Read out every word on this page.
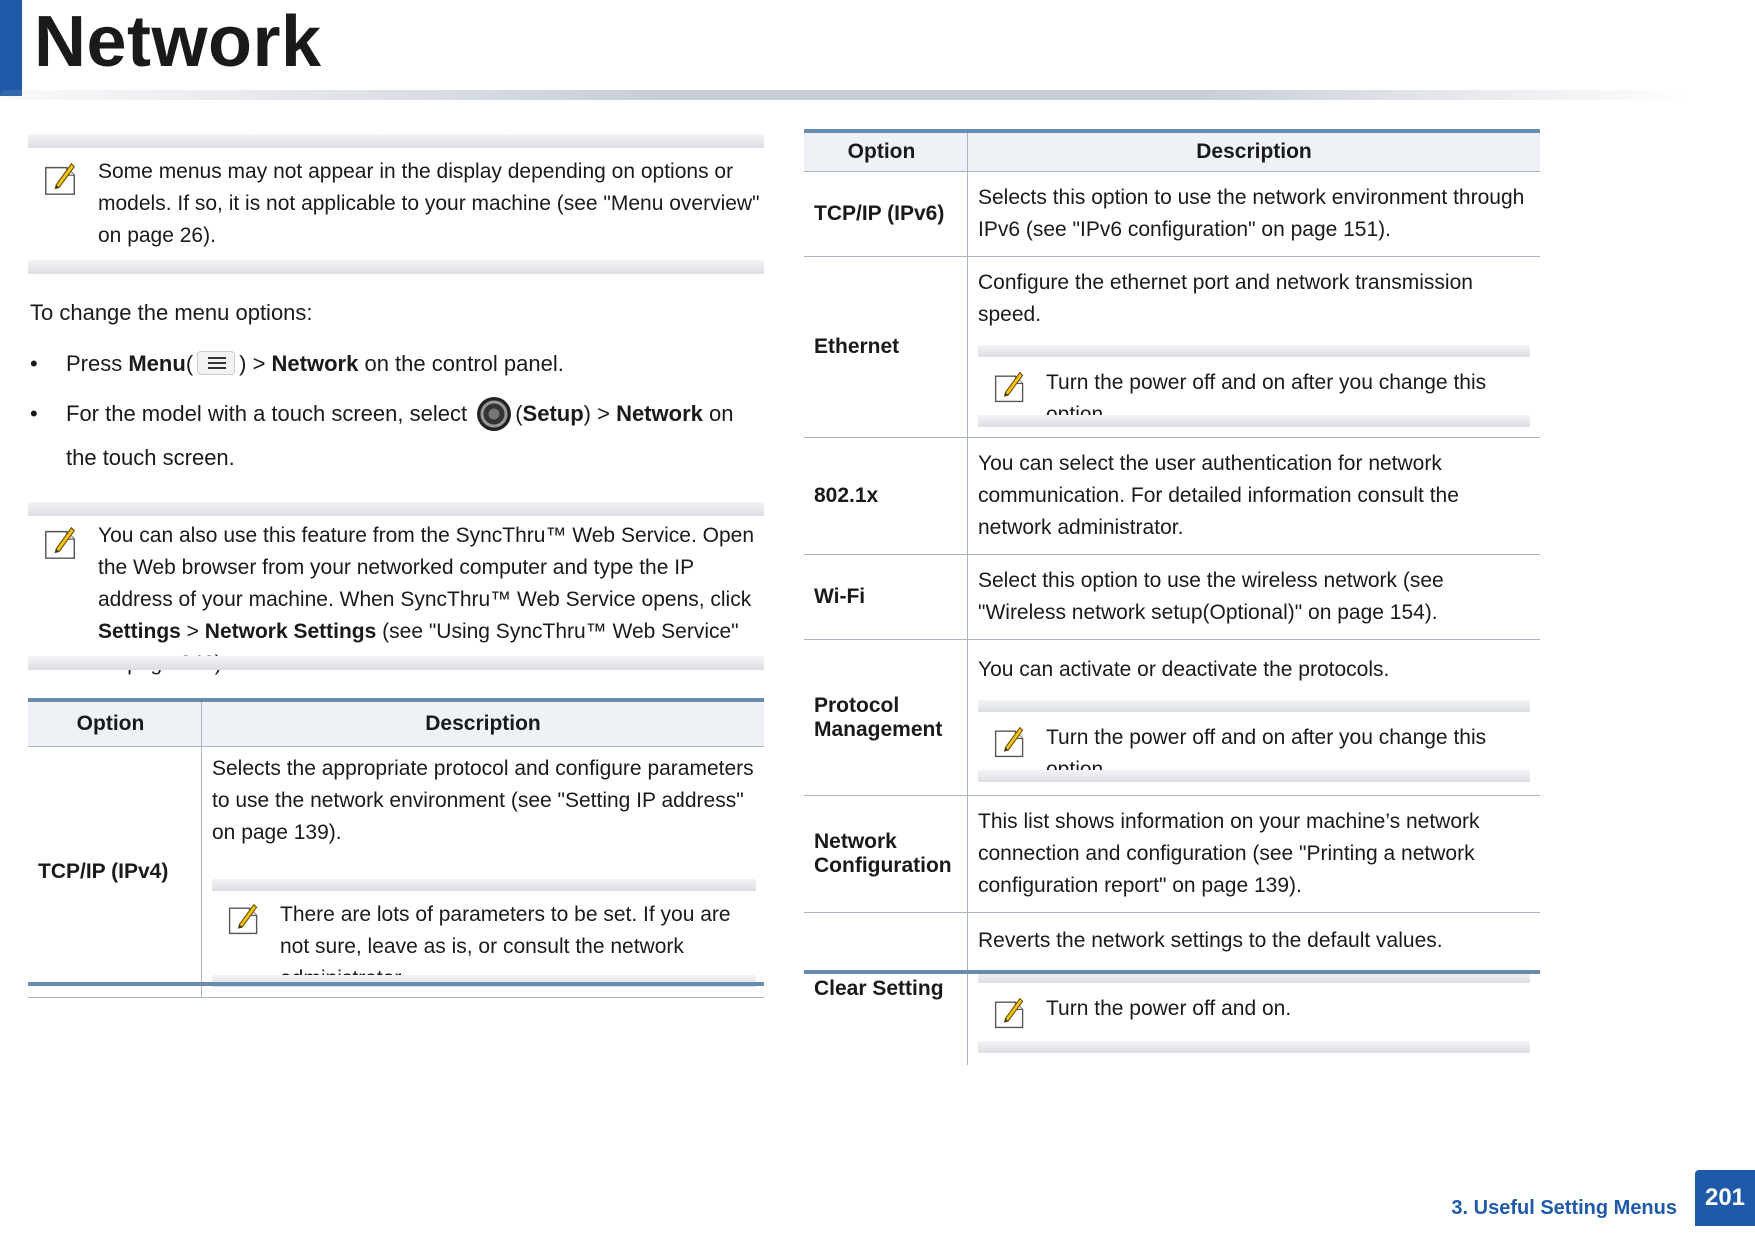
Network
Some menus may not appear in the display depending on options or models. If so, it is not applicable to your machine (see "Menu overview" on page 26).
To change the menu options:
• Press Menu( ) > Network on the control panel.
• For the model with a touch screen, select (Setup) > Network on the touch screen.
You can also use this feature from the SyncThru™ Web Service. Open the Web browser from your networked computer and type the IP address of your machine. When SyncThru™ Web Service opens, click Settings > Network Settings (see "Using SyncThru™ Web Service"
Option	Description
TCP/IP (IPv4)	Selects the appropriate protocol and configure parameters to use the network environment (see "Setting IP address" on page 139).
There are lots of parameters to be set. If you are not sure, leave as is, or consult the network
Option	Description
TCP/IP (IPv6)	Selects this option to use the network environment through IPv6 (see "IPv6 configuration" on page 151).
Ethernet	Configure the ethernet port and network transmission speed.
Turn the power off and on after you change this

802.1x	You can select the user authentication for network communication. For detailed information consult the network administrator.
Wi-Fi	Select this option to use the wireless network (see "Wireless network setup(Optional)" on page 154).
Protocol Management	You can activate or deactivate the protocols.
Turn the power off and on after you change this

Network Configuration	This list shows information on your machine’s network connection and configuration (see "Printing a network configuration report" on page 139).
Clear Setting	Reverts the network settings to the default values.
Turn the power off and on.
3. Useful Setting Menus	201
